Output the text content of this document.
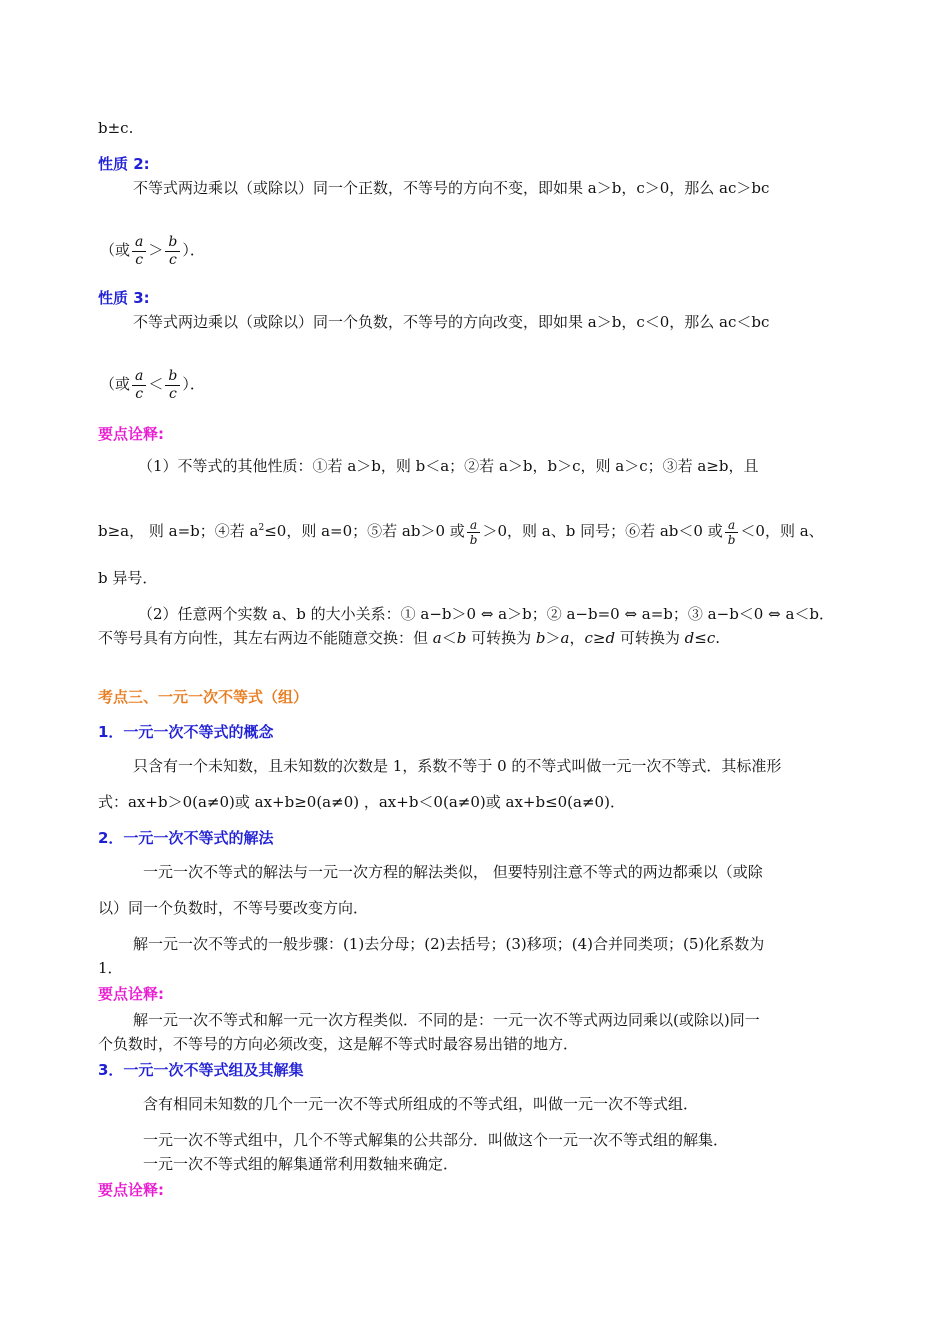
b±c.
性质 2:
不等式两边乘以（或除以）同一个正数，不等号的方向不变，即如果 a＞b，c＞0，那么 ac＞bc
（或 $\frac{a}{c} > \frac{b}{c}$ ）．
性质 3:
不等式两边乘以（或除以）同一个负数，不等号的方向改变，即如果 a＞b，c＜0，那么 ac＜bc
（或 $\frac{a}{c} < \frac{b}{c}$ ）．
要点诠释:
（1）不等式的其他性质：①若 a＞b，则 b＜a；②若 a＞b，b＞c，则 a＞c；③若 a≥b，且
b≥a， 则 a=b；④若 $a^2\le 0$，则 a=0；⑤若 ab＞0 或 $\frac{a}{b} >0$，则 a、b 同号；⑥若 ab＜0 或 $\frac{a}{b} <0$，则 a、
b 异号．
（2）任意两个实数 a、b 的大小关系：① a−b＞0 ⇔ a＞b；② a−b=0 ⇔ a=b；③ a−b＜0 ⇔ a＜b．
不等号具有方向性，其左右两边不能随意交换：但 a＜b 可转换为 b＞a，c≥d 可转换为 d≤c.
考点三、一元一次不等式（组）
1．一元一次不等式的概念
只含有一个未知数，且未知数的次数是 1，系数不等于 0 的不等式叫做一元一次不等式．其标准形
式：ax+b＞0(a≠0)或 ax+b≥0(a≠0) ，ax+b＜0(a≠0)或 ax+b≤0(a≠0)．
2．一元一次不等式的解法
一元一次不等式的解法与一元一次方程的解法类似， 但要特别注意不等式的两边都乘以（或除
以）同一个负数时，不等号要改变方向．
解一元一次不等式的一般步骤：(1)去分母；(2)去括号；(3)移项；(4)合并同类项；(5)化系数为
1．
要点诠释:
解一元一次不等式和解一元一次方程类似．不同的是：一元一次不等式两边同乘以(或除以)同一
个负数时，不等号的方向必须改变，这是解不等式时最容易出错的地方．
3．一元一次不等式组及其解集
含有相同未知数的几个一元一次不等式所组成的不等式组，叫做一元一次不等式组．
一元一次不等式组中，几个不等式解集的公共部分．叫做这个一元一次不等式组的解集．
一元一次不等式组的解集通常利用数轴来确定．
要点诠释:
